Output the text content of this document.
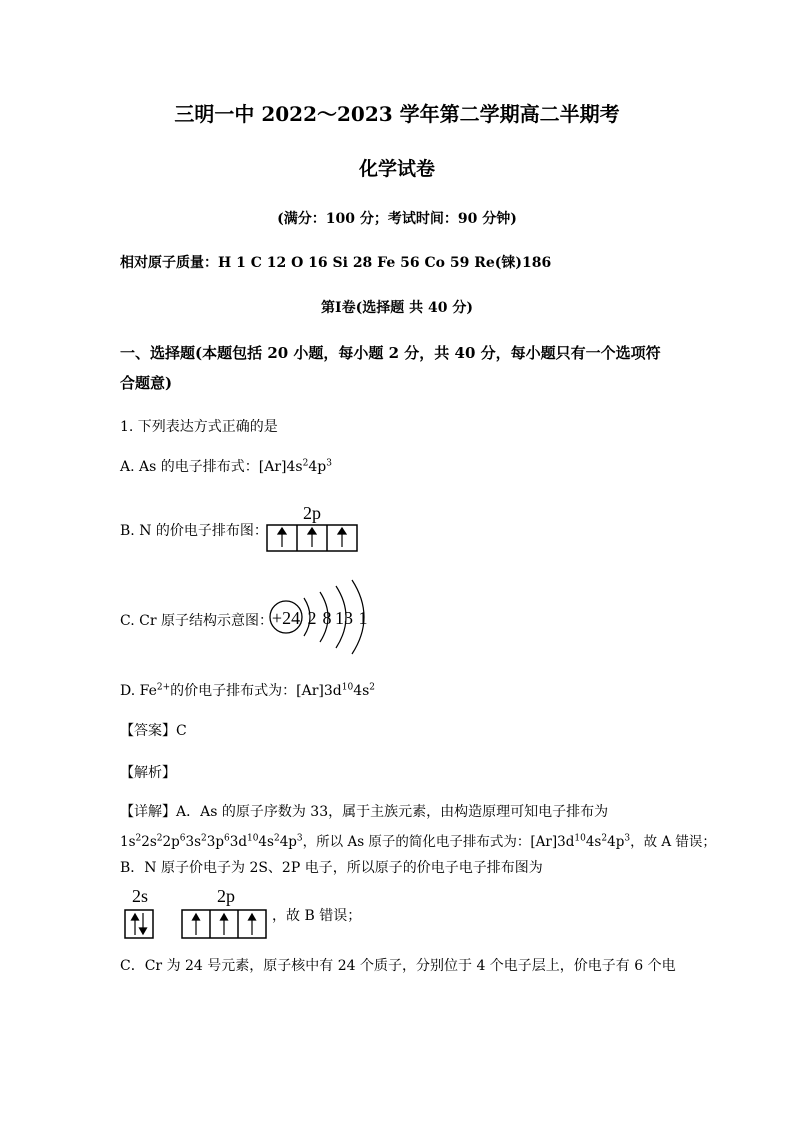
三明一中 2022～2023 学年第二学期高二半期考
化学试卷
(满分：100 分；考试时间：90 分钟)
相对原子质量：H 1 C 12 O 16 Si 28 Fe 56 Co 59 Re(铼)186
第Ⅰ卷(选择题 共 40 分)
一、选择题(本题包括 20 小题，每小题 2 分，共 40 分，每小题只有一个选项符
合题意)
1. 下列表达方式正确的是
A. As 的电子排布式：$[Ar]4s^24p^3$
B. N 的价电子排布图：
2p
C. Cr 原子结构示意图：
+24 2 8 13 1
D. $Fe^{2+}$的价电子排布式为：$[Ar]3d^{10}4s^2$
【答案】C
【解析】
【详解】A．As 的原子序数为 33，属于主族元素，由构造原理可知电子排布为
$1s^22s^22p^63s^23p^63d^{10}4s^24p^3$，所以 As 原子的简化电子排布式为：$[Ar]3d^{10}4s^24p^3$，故 A 错误；
B．N 原子价电子为 2S、2P 电子，所以原子的价电子电子排布图为
2s	2p
，故 B 错误；
C．Cr 为 24 号元素，原子核中有 24 个质子，分别位于 4 个电子层上，价电子有 6 个电
